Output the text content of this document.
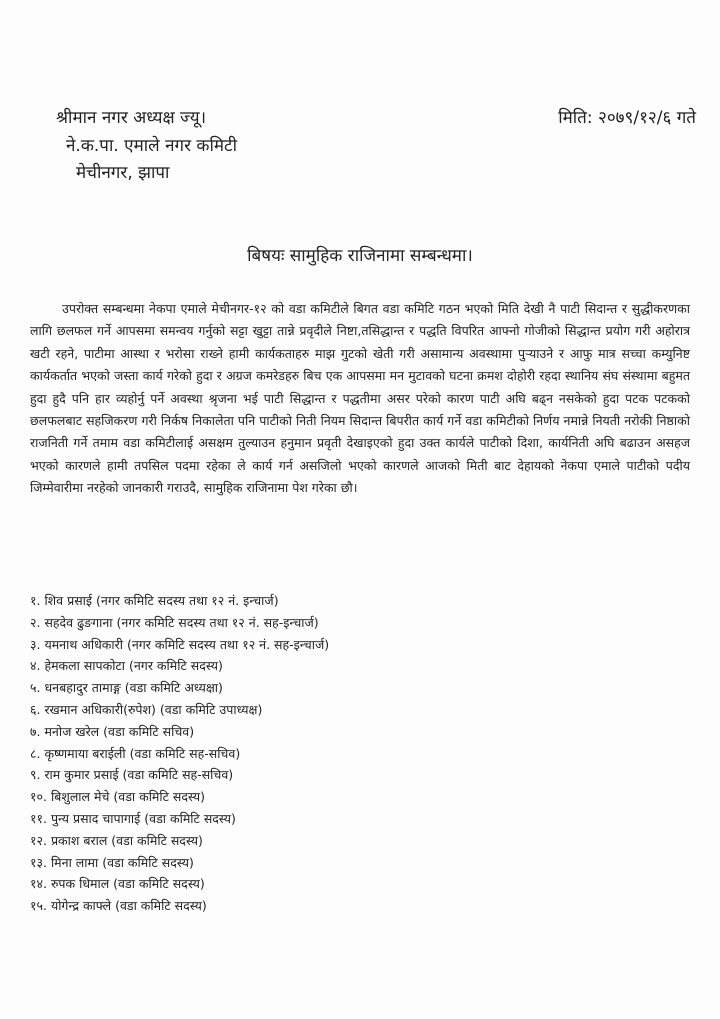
श्रीमान नगर अध्यक्ष ज्यू।
ने.क.पा. एमाले नगर कमिटी
मेचीनगर, झापा
मिति: २०७९/१२/६ गते
बिषयः सामुहिक राजिनामा सम्बन्धमा।

उपरोक्त सम्बन्धमा नेकपा एमाले मेचीनगर-१२ को वडा कमिटीले बिगत वडा कमिटि गठन भएको मिति देखी नै पाटी सिदान्त र सुद्धीकरणका लागि छलफल गर्ने आपसमा समन्वय गर्नुको सट्टा खुट्टा तान्ने प्रवृदीले निष्टा,तसिद्धान्त र पद्धति विपरित आफ्नो गोजीको सिद्धान्त प्रयोग गरी अहोरात्र खटी रहने, पाटीमा आस्था र भरोसा राख्ने हामी कार्यकताहरु माझ गुटको खेती गरी असामान्य अवस्थामा पुऱ्याउने र आफु मात्र सच्चा कम्युनिष्ट कार्यकर्तात भएको जस्ता कार्य गरेको हुदा र अग्रज कमरेडहरु बिच एक आपसमा मन मुटावको घटना क्रमश दोहोरी रहदा स्थानिय संघ संस्थामा बहुमत हुदा हुदै पनि हार व्यहोर्नु पर्ने अवस्था श्रृजना भई पाटी सिद्धान्त र पद्धतीमा असर परेको कारण पाटी अघि बढ्न नसकेको हुदा पटक पटकको छलफलबाट सहजिकरण गरी निर्कष निकालेता पनि पाटीको निती नियम सिदान्त बिपरीत कार्य गर्ने वडा कमिटीको निर्णय नमान्ने नियती नरोकी निष्ठाको राजनिती गर्ने तमाम वडा कमिटीलाई असक्षम तुल्याउन हनुमान प्रवृती देखाइएको हुदा उक्त कार्यले पाटीको दिशा, कार्यनिती अघि बढाउन असहज भएको कारणले हामी तपसिल पदमा रहेका ले कार्य गर्न असजिलो भएको कारणले आजको मिती बाट देहायको नेकपा एमाले पाटीको पदीय जिम्मेवारीमा नरहेको जानकारी गराउदै, सामुहिक राजिनामा पेश गरेका छौ।

१. शिव प्रसाई (नगर कमिटि सदस्य तथा १२ नं. इन्चार्ज)
२. सहदेव ढुङगाना (नगर कमिटि सदस्य तथा १२ नं. सह-इन्चार्ज)
३. यमनाथ अधिकारी (नगर कमिटि सदस्य तथा १२ नं. सह-इन्चार्ज)
४. हेमकला सापकोटा (नगर कमिटि सदस्य)
५. धनबहादुर तामाङ्ग (वडा कमिटि अध्यक्षा)
६. रखमान अधिकारी(रुपेश) (वडा कमिटि उपाध्यक्ष)
७. मनोज खरेल (वडा कमिटि सचिव)
८. कृष्णमाया बराईली (वडा कमिटि सह-सचिव)
९. राम कुमार प्रसाई (वडा कमिटि सह-सचिव)
१०. बिशुलाल मेचे (वडा कमिटि सदस्य)
११. पुन्य प्रसाद चापागाई (वडा कमिटि सदस्य)
१२. प्रकाश बराल (वडा कमिटि सदस्य)
१३. मिना लामा (वडा कमिटि सदस्य)
१४. रुपक धिमाल (वडा कमिटि सदस्य)
१५. योगेन्द्र काफ्ले (वडा कमिटि सदस्य)
